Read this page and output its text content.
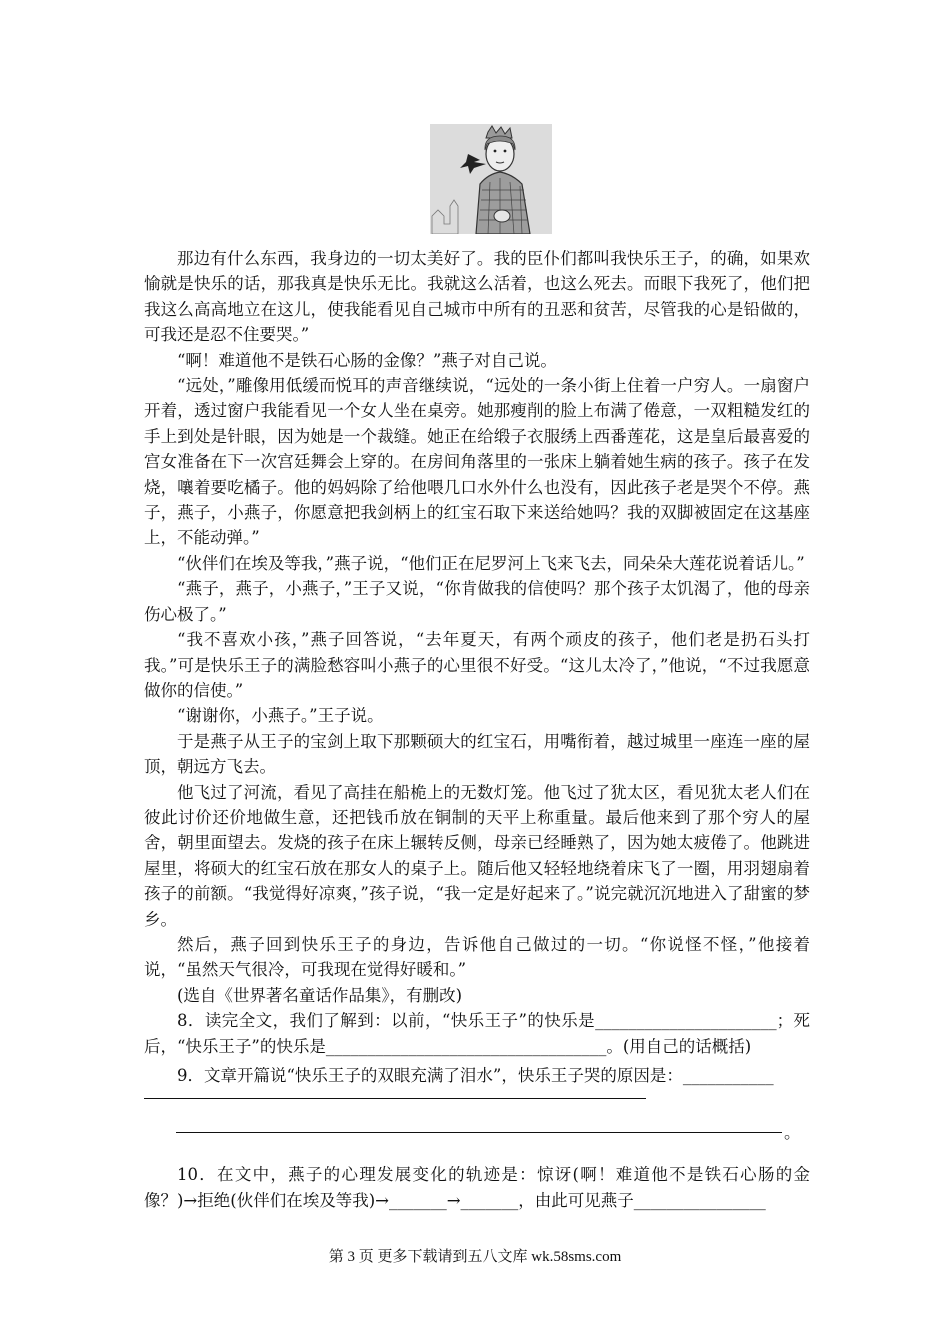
那边有什么东西，我身边的一切太美好了。我的臣仆们都叫我快乐王子，的确，如果欢愉就是快乐的话，那我真是快乐无比。我就这么活着，也这么死去。而眼下我死了，他们把我这么高高地立在这儿，使我能看见自己城市中所有的丑恶和贫苦，尽管我的心是铅做的，可我还是忍不住要哭。”

“啊！难道他不是铁石心肠的金像？”燕子对自己说。

“远处，”雕像用低缓而悦耳的声音继续说，“远处的一条小街上住着一户穷人。一扇窗户开着，透过窗户我能看见一个女人坐在桌旁。她那瘦削的脸上布满了倦意，一双粗糙发红的手上到处是针眼，因为她是一个裁缝。她正在给缎子衣服绣上西番莲花，这是皇后最喜爱的宫女准备在下一次宫廷舞会上穿的。在房间角落里的一张床上躺着她生病的孩子。孩子在发烧，嚷着要吃橘子。他的妈妈除了给他喂几口水外什么也没有，因此孩子老是哭个不停。燕子，燕子，小燕子，你愿意把我剑柄上的红宝石取下来送给她吗？我的双脚被固定在这基座上，不能动弹。”

“伙伴们在埃及等我，”燕子说，“他们正在尼罗河上飞来飞去，同朵朵大莲花说着话儿。”

“燕子，燕子，小燕子，”王子又说，“你肯做我的信使吗？那个孩子太饥渴了，他的母亲伤心极了。”

“我不喜欢小孩，”燕子回答说，“去年夏天，有两个顽皮的孩子，他们老是扔石头打我。”可是快乐王子的满脸愁容叫小燕子的心里很不好受。“这儿太冷了，”他说，“不过我愿意做你的信使。”

“谢谢你，小燕子。”王子说。

于是燕子从王子的宝剑上取下那颗硕大的红宝石，用嘴衔着，越过城里一座连一座的屋顶，朝远方飞去。

他飞过了河流，看见了高挂在船桅上的无数灯笼。他飞过了犹太区，看见犹太老人们在彼此讨价还价地做生意，还把钱币放在铜制的天平上称重量。最后他来到了那个穷人的屋舍，朝里面望去。发烧的孩子在床上辗转反侧，母亲已经睡熟了，因为她太疲倦了。他跳进屋里，将硕大的红宝石放在那女人的桌子上。随后他又轻轻地绕着床飞了一圈，用羽翅扇着孩子的前额。“我觉得好凉爽，”孩子说，“我一定是好起来了。”说完就沉沉地进入了甜蜜的梦乡。

然后，燕子回到快乐王子的身边，告诉他自己做过的一切。“你说怪不怪，”他接着说，“虽然天气很冷，可我现在觉得好暖和。”

(选自《世界著名童话作品集》，有删改)

8．读完全文，我们了解到：以前，“快乐王子”的快乐是______________________；死后，“快乐王子”的快乐是__________________________________。(用自己的话概括)

9．文章开篇说“快乐王子的双眼充满了泪水”，快乐王子哭的原因是：___________

。

10．在文中，燕子的心理发展变化的轨迹是：惊讶(啊！难道他不是铁石心肠的金像？)→拒绝(伙伴们在埃及等我)→_______→_______，由此可见燕子________________

第 3 页 更多下载请到五八文库 wk.58sms.com
